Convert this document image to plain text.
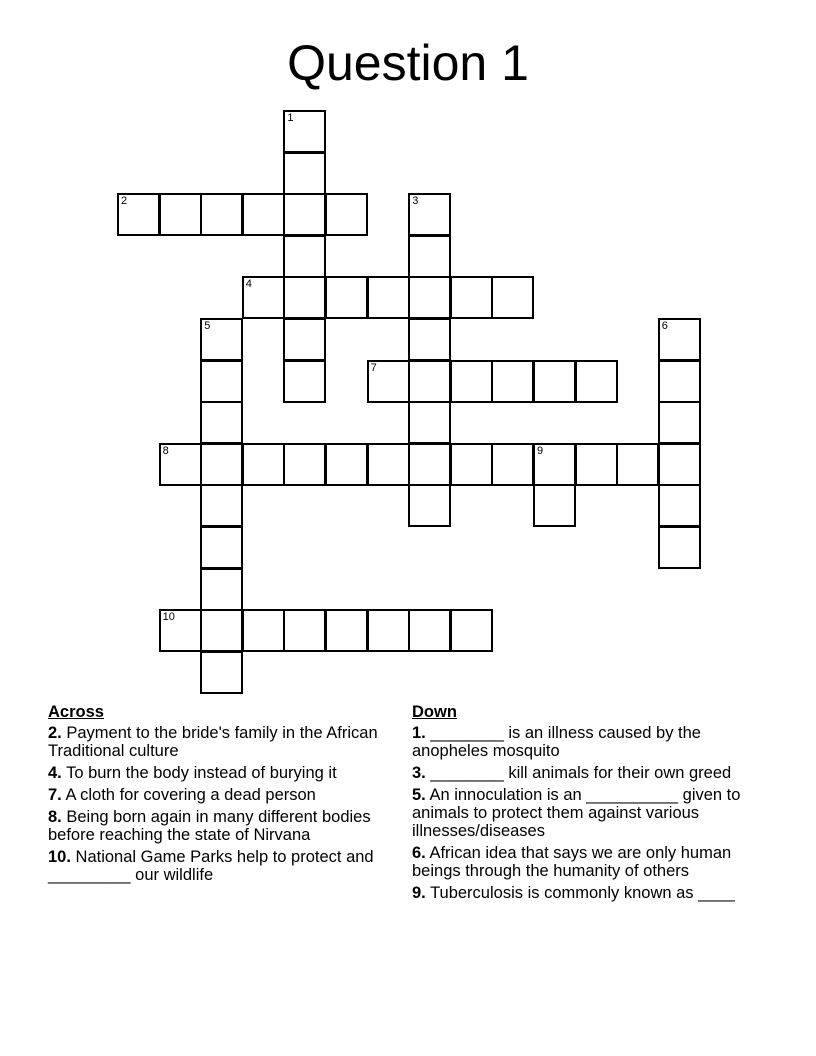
Question 1
1
2	3
4
5	6
7
8	9
10
Across
2. Payment to the bride's family in the African Traditional culture
4. To burn the body instead of burying it
7. A cloth for covering a dead person
8. Being born again in many different bodies before reaching the state of Nirvana
10. National Game Parks help to protect and _________ our wildlife
Down
1. ________ is an illness caused by the anopheles mosquito
3. ________ kill animals for their own greed
5. An innoculation is an __________ given to animals to protect them against various illnesses/diseases
6. African idea that says we are only human beings through the humanity of others
9. Tuberculosis is commonly known as ____
